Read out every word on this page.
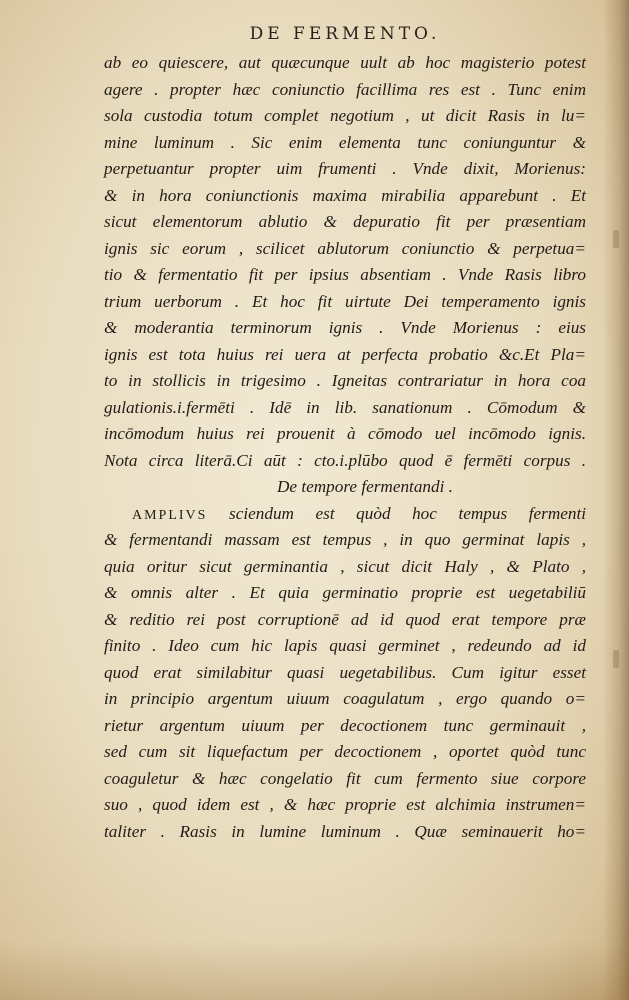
DE FERMENTO.
ab eo quiescere, aut quæcunque uult ab hoc magisterio potest
agere . propter hæc coniunctio facillima res est . Tunc enim
sola custodia totum complet negotium , ut dicit Rasis in lu=
mine luminum . Sic enim elementa tunc coniunguntur &
perpetuantur propter uim frumenti . Vnde dixit, Morienus:
& in hora coniunctionis maxima mirabilia apparebunt . Et
sicut elementorum ablutio & depuratio fit per præsentiam
ignis sic eorum , scilicet ablutorum coniunctio & perpetua=
tio & fermentatio fit per ipsius absentiam . Vnde Rasis libro
trium uerborum . Et hoc fit uirtute Dei temperamento ignis
& moderantia terminorum ignis . Vnde Morienus : eius
ignis est tota huius rei uera at perfecta probatio &c.Et Pla=
to in stollicis in trigesimo . Igneitas contrariatur in hora coa
gulationis.i.fermēti . Idē in lib. sanationum . Cōmodum &
incōmodum huius rei prouenit à cōmodo uel incōmodo ignis.
Nota circa literā.Ci aūt : cto.i.plūbo quod ē fermēti corpus .
De tempore fermentandi .
AMPLIVS sciendum est quòd hoc tempus fermenti
& fermentandi massam est tempus , in quo germinat lapis ,
quia oritur sicut germinantia , sicut dicit Haly , & Plato ,
& omnis alter . Et quia germinatio proprie est uegetabiliū
& reditio rei post corruptionē ad id quod erat tempore præ
finito . Ideo cum hic lapis quasi germinet , redeundo ad id
quod erat similabitur quasi uegetabilibus. Cum igitur esset
in principio argentum uiuum coagulatum , ergo quando o=
rietur argentum uiuum per decoctionem tunc germinauit ,
sed cum sit liquefactum per decoctionem , oportet quòd tunc
coaguletur & hæc congelatio fit cum fermento siue corpore
suo , quod idem est , & hæc proprie est alchimia instrumen=
taliter . Rasis in lumine luminum . Quæ seminauerit ho=
